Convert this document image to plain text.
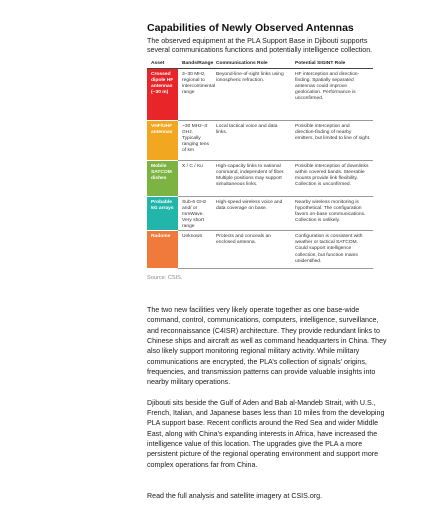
Capabilities of Newly Observed Antennas
The observed equipment at the PLA Support Base in Djibouti supports several communications functions and potentially intelligence collection.
Asset	Bands/Range	Communications Role	Potential SIGINT Role
Crossed dipole HF antennas (~30 m)	3–30 MHz, regional to intercontinental range	Beyond-line-of-sight links using ionospheric refraction.	HF interception and direction-finding. Spatially separated antennas could improve geolocation. Performance is unconfirmed.
VHF/UHF antennas	~30 MHz–3 GHz. Typically ranging tens of km	Local tactical voice and data links.	Possible interception and direction-finding of nearby emitters, but limited to line of sight.
Mobile SATCOM dishes	X / C / Ku	High-capacity links to national command, independent of fiber. Multiple positions may support simultaneous links.	Possible interception of downlinks within covered bands. Steerable mounts provide link flexibility. Collection is unconfirmed.
Probable 5G arrays	Sub-6 GHz and/ or mmWave. Very short range	High-speed wireless voice and data coverage on base.	Nearby wireless monitoring is hypothetical. The configuration favors on-base communications. Collection is unlikely.
Radome	Unknown	Protects and conceals an enclosed antenna.	Configuration is consistent with weather or tactical SATCOM. Could support intelligence collection, but function mains unidentified.
Source: CSIS.

The two new facilities very likely operate together as one base-wide command, control, communications, computers, intelligence, surveillance, and reconnaissance (C4ISR) architecture. They provide redundant links to Chinese ships and aircraft as well as command headquarters in China. They also likely support monitoring regional military activity. While military communications are encrypted, the PLA’s collection of signals’ origins, frequencies, and transmission patterns can provide valuable insights into nearby military operations.

Djibouti sits beside the Gulf of Aden and Bab al-Mandeb Strait, with U.S., French, Italian, and Japanese bases less than 10 miles from the developing PLA support base. Recent conflicts around the Red Sea and wider Middle East, along with China’s expanding interests in Africa, have increased the intelligence value of this location. The upgrades give the PLA a more persistent picture of the regional operating environment and support more complex operations far from China.

Read the full analysis and satellite imagery at CSIS.org.
